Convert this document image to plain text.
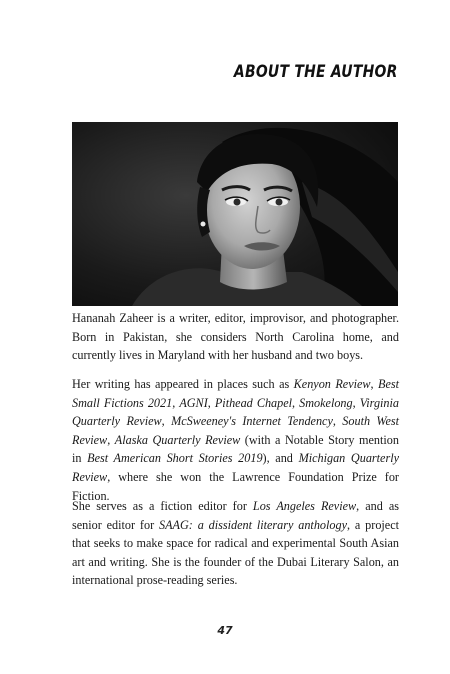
ABOUT THE AUTHOR

Hananah Zaheer is a writer, editor, improvisor, and photographer. Born in Pakistan, she considers North Carolina home, and currently lives in Maryland with her husband and two boys.

Her writing has appeared in places such as Kenyon Review, Best Small Fictions 2021, AGNI, Pithead Chapel, Smokelong, Virginia Quarterly Review, McSweeney's Internet Tendency, South West Review, Alaska Quarterly Review (with a Notable Story mention in Best American Short Stories 2019), and Michigan Quarterly Review, where she won the Lawrence Foundation Prize for Fiction.

She serves as a fiction editor for Los Angeles Review, and as senior editor for SAAG: a dissident literary anthology, a project that seeks to make space for radical and experimental South Asian art and writing. She is the founder of the Dubai Literary Salon, an international prose-reading series.

47
